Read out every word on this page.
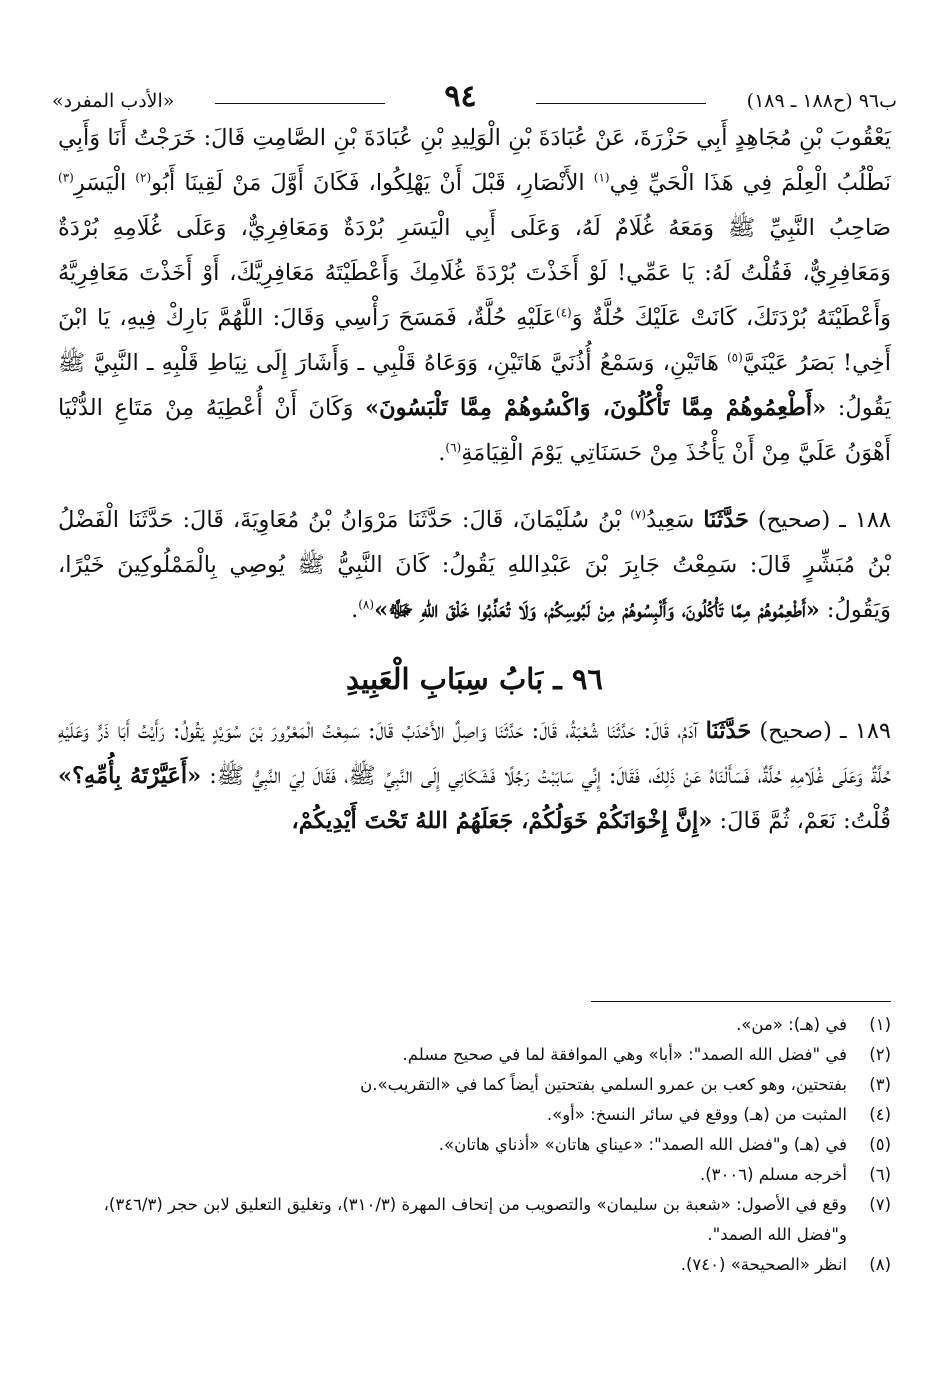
ب٩٦ (ح١٨٨ ـ ١٨٩)
٩٤
«الأدب المفرد»

يَعْقُوبَ بْنِ مُجَاهِدٍ أَبِي حَزْرَةَ، عَنْ عُبَادَةَ بْنِ الْوَلِيدِ بْنِ عُبَادَةَ بْنِ الصَّامِتِ قَالَ: خَرَجْتُ أَنَا وَأَبِي نَطْلُبُ الْعِلْمَ فِي هَذَا الْحَيِّ فِي$^{(١)}$ الأَنْصَارِ، قَبْلَ أَنْ يَهْلِكُوا، فَكَانَ أَوَّلَ مَنْ لَقِينَا أَبُو$^{(٢)}$ الْيَسَرِ$^{(٣)}$ صَاحِبُ النَّبِيِّ ﷺ وَمَعَهُ غُلَامٌ لَهُ، وَعَلَى أَبِي الْيَسَرِ بُرْدَةٌ وَمَعَافِرِيٌّ، وَعَلَى غُلَامِهِ بُرْدَةٌ وَمَعَافِرِيٌّ، فَقُلْتُ لَهُ: يَا عَمِّي! لَوْ أَخَذْتَ بُرْدَةَ غُلَامِكَ وَأَعْطَيْتَهُ مَعَافِرِيَّكَ، أَوْ أَخَذْتَ مَعَافِرِيَّهُ وَأَعْطَيْتَهُ بُرْدَتَكَ، كَانَتْ عَلَيْكَ حُلَّةٌ وَ$^{(٤)}$عَلَيْهِ حُلَّةٌ، فَمَسَحَ رَأْسِي وَقَالَ: اللَّهُمَّ بَارِكْ فِيهِ، يَا ابْنَ أَخِي! بَصَرُ عَيْنَيَّ$^{(٥)}$ هَاتَيْنِ، وَسَمْعُ أُذُنَيَّ هَاتَيْنِ، وَوَعَاهُ قَلْبِي ـ وَأَشَارَ إِلَى نِيَاطِ قَلْبِهِ ـ النَّبِيَّ ﷺ يَقُولُ: «أَطْعِمُوهُمْ مِمَّا تَأْكُلُونَ، وَاكْسُوهُمْ مِمَّا تَلْبَسُونَ» وَكَانَ أَنْ أُعْطِيَهُ مِنْ مَتَاعِ الدُّنْيَا أَهْوَنُ عَلَيَّ مِنْ أَنْ يَأْخُذَ مِنْ حَسَنَاتِي يَوْمَ الْقِيَامَةِ$^{(٦)}$.

١٨٨ ـ (صحيح) حَدَّثَنَا سَعِيدُ$^{(٧)}$ بْنُ سُلَيْمَانَ، قَالَ: حَدَّثَنَا مَرْوَانُ بْنُ مُعَاوِيَةَ، قَالَ: حَدَّثَنَا الْفَضْلُ بْنُ مُبَشِّرٍ قَالَ: سَمِعْتُ جَابِرَ بْنَ عَبْدِاللهِ يَقُولُ: كَانَ النَّبِيُّ ﷺ يُوصِي بِالْمَمْلُوكِينَ خَيْرًا، وَيَقُولُ: «أَطْعِمُوهُمْ مِمَّا تَأْكُلُونَ، وَأَلْبِسُوهُمْ مِنْ لَبُوسِكُمْ، وَلَا تُعَذِّبُوا خَلْقَ اللهِ ﷻ»$^{(٨)}$.

٩٦ ـ بَابُ سِبَابِ الْعَبِيدِ

١٨٩ ـ (صحيح) حَدَّثَنَا آدَمُ، قَالَ: حَدَّثَنَا شُعْبَةُ، قَالَ: حَدَّثَنَا وَاصِلٌ الأَحْدَبُ قَالَ: سَمِعْتُ الْمَعْرُورَ بْنَ سُوَيْدٍ يَقُولُ: رَأَيْتُ أَبَا ذَرٍّ وَعَلَيْهِ حُلَّةٌ وَعَلَى غُلَامِهِ حُلَّةٌ، فَسَأَلْنَاهُ عَنْ ذَلِكَ، فَقَالَ: إِنِّي سَابَبْتُ رَجُلًا فَشَكَانِي إِلَى النَّبِيِّ ﷺ، فَقَالَ لِيَ النَّبِيُّ ﷺ: «أَعَيَّرْتَهُ بِأُمِّهِ؟» قُلْتُ: نَعَمْ، ثُمَّ قَالَ: «إِنَّ إِخْوَانَكُمْ خَوَلُكُمْ، جَعَلَهُمُ اللهُ تَحْتَ أَيْدِيكُمْ،

(١)
في (هـ): «من».
(٢)
في "فضل الله الصمد": «أبا» وهي الموافقة لما في صحيح مسلم.
(٣)
بفتحتين، وهو كعب بن عمرو السلمي بفتحتين أيضاً كما في «التقريب».ن
(٤)
المثبت من (هـ) ووقع في سائر النسخ: «أو».
(٥)
في (هـ) و"فضل الله الصمد": «عيناي هاتان» «أذناي هاتان».
(٦)
أخرجه مسلم (٣٠٠٦).
(٧)
وقع في الأصول: «شعبة بن سليمان» والتصويب من إتحاف المهرة (٣١٠/٣)، وتغليق التعليق لابن حجر (٣٤٦/٣)، و"فضل الله الصمد".
(٨)
انظر «الصحيحة» (٧٤٠).
